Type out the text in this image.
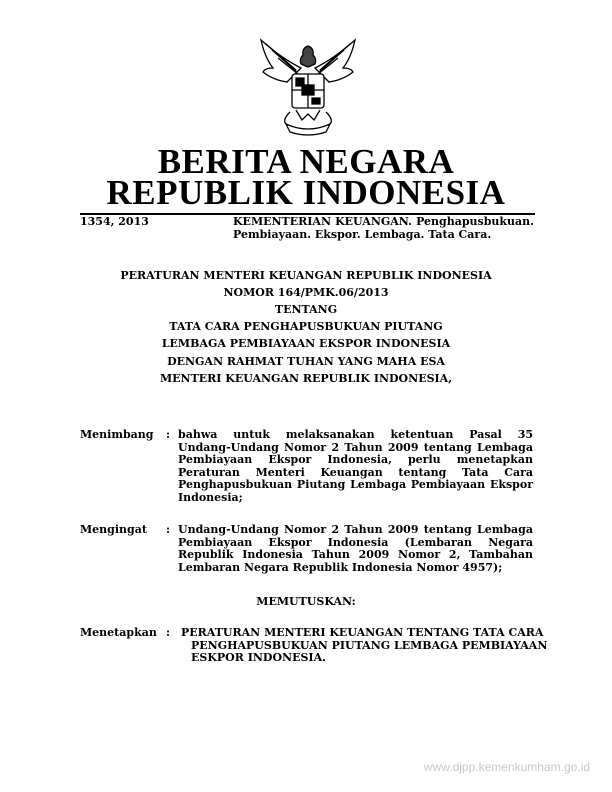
BERITA NEGARA
REPUBLIK INDONESIA
1354, 2013	KEMENTERIAN KEUANGAN. Penghapusbukuan.
Pembiayaan. Ekspor. Lembaga. Tata Cara.
PERATURAN MENTERI KEUANGAN REPUBLIK INDONESIA
NOMOR 164/PMK.06/2013
TENTANG
TATA CARA PENGHAPUSBUKUAN PIUTANG
LEMBAGA PEMBIAYAAN EKSPOR INDONESIA
DENGAN RAHMAT TUHAN YANG MAHA ESA
MENTERI KEUANGAN REPUBLIK INDONESIA,
Menimbang : bahwa untuk melaksanakan ketentuan Pasal 35
Undang-Undang Nomor 2 Tahun 2009 tentang Lembaga
Pembiayaan Ekspor Indonesia, perlu menetapkan
Peraturan Menteri Keuangan tentang Tata Cara
Penghapusbukuan Piutang Lembaga Pembiayaan Ekspor
Indonesia;
Mengingat : Undang-Undang Nomor 2 Tahun 2009 tentang Lembaga
Pembiayaan Ekspor Indonesia (Lembaran Negara
Republik Indonesia Tahun 2009 Nomor 2, Tambahan
Lembaran Negara Republik Indonesia Nomor 4957);
MEMUTUSKAN:
Menetapkan : PERATURAN MENTERI KEUANGAN TENTANG TATA CARA
PENGHAPUSBUKUAN PIUTANG LEMBAGA PEMBIAYAAN
ESKPOR INDONESIA.
www.djpp.kemenkumham.go.id
